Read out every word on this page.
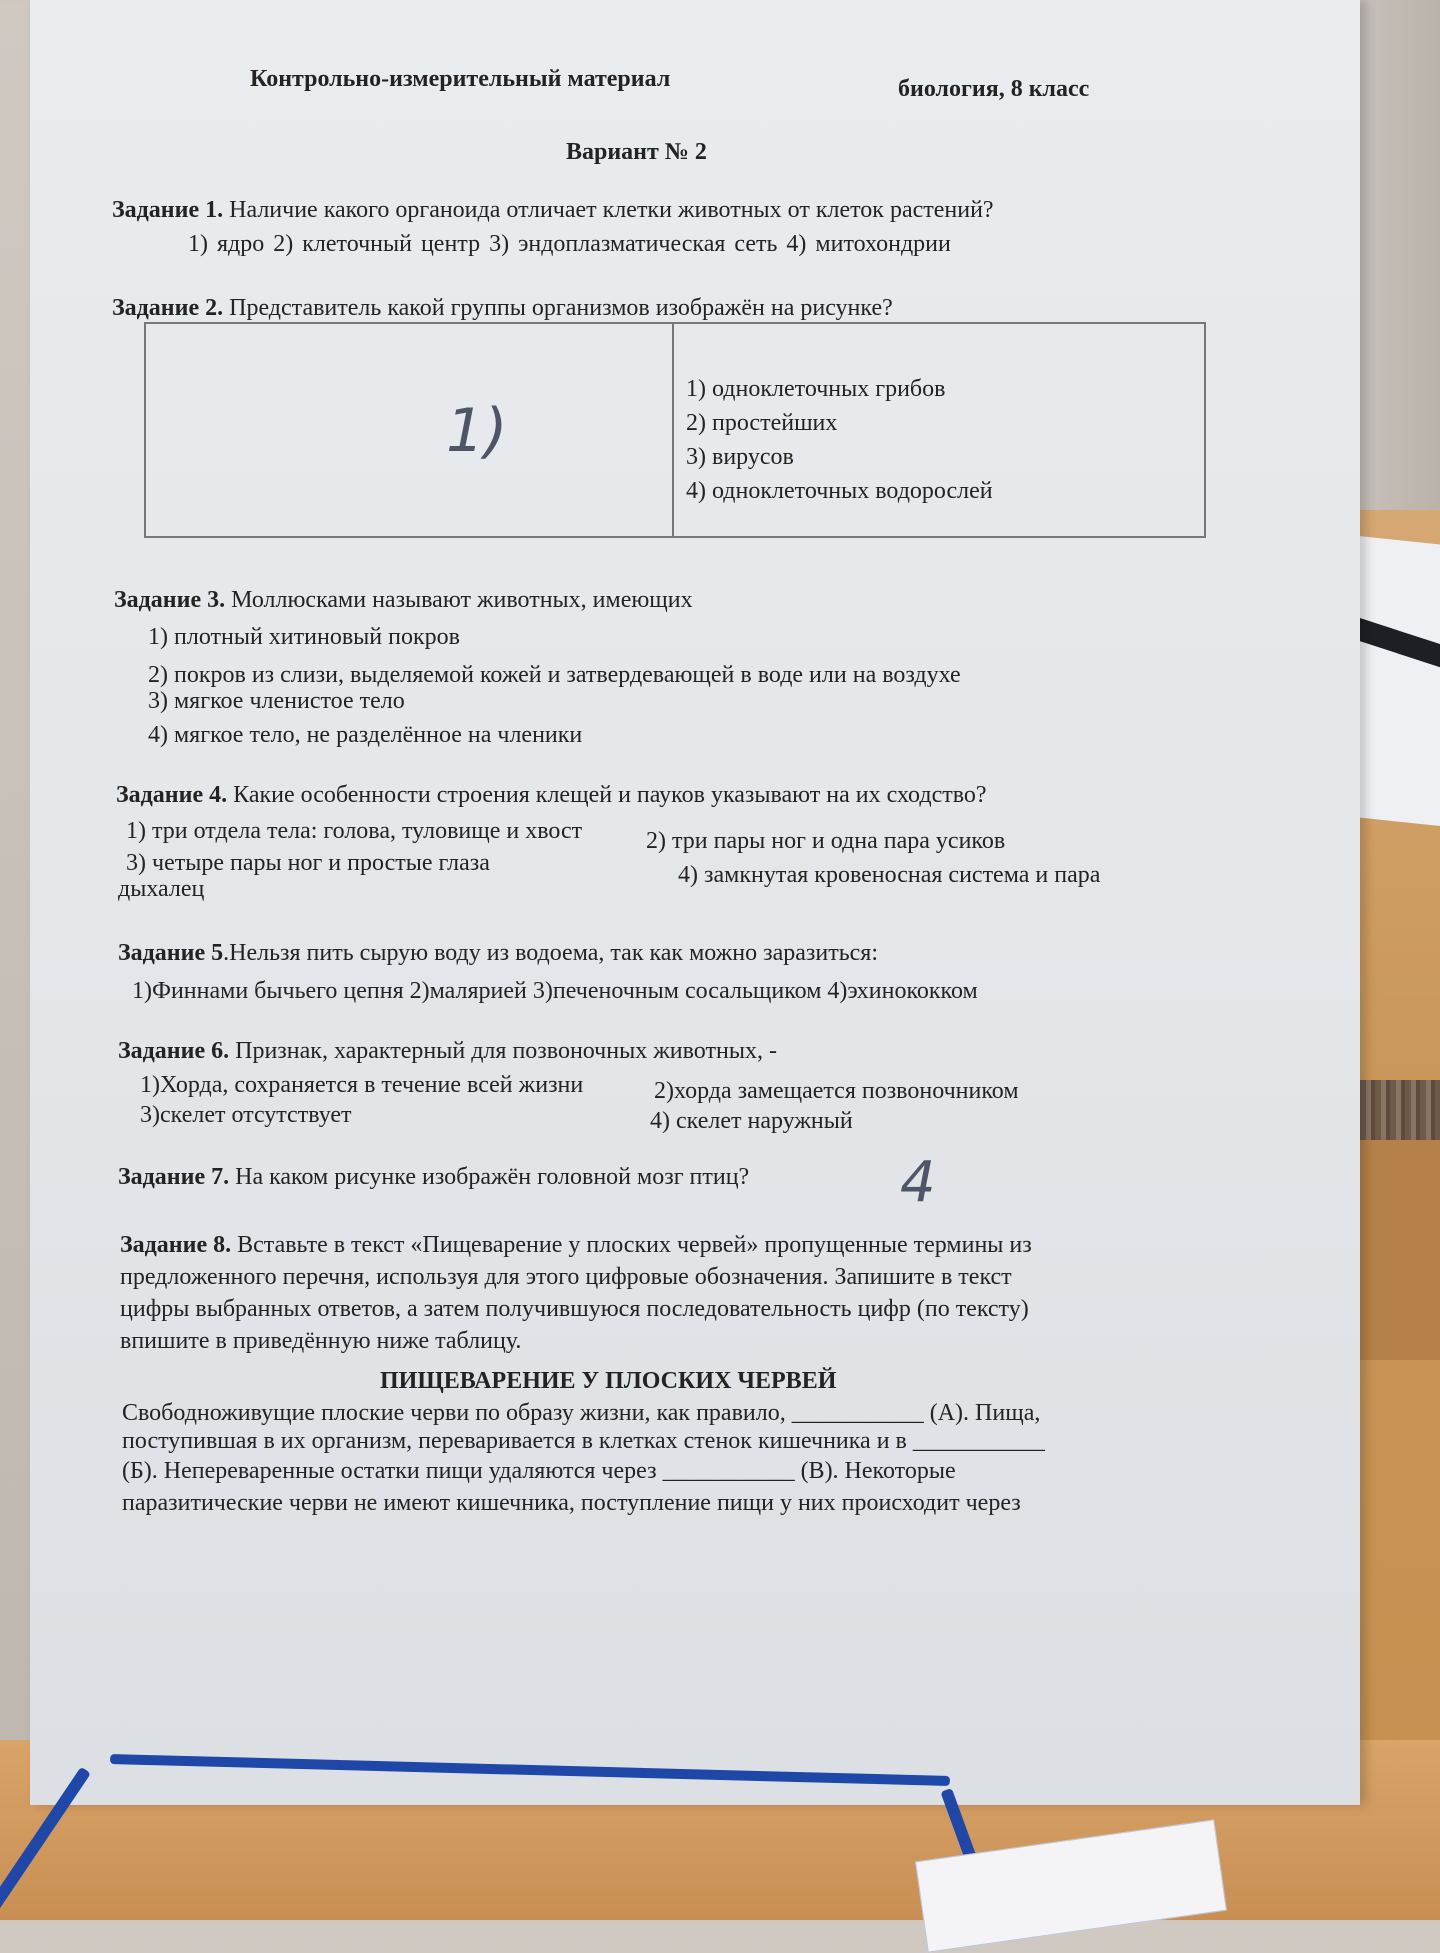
Контрольно-измерительный материал	биология, 8 класс
Вариант № 2
Задание 1. Наличие какого органоида отличает клетки животных от клеток растений?
1) ядро 2) клеточный центр 3) эндоплазматическая сеть 4) митохондрии
Задание 2. Представитель какой группы организмов изображён на рисунке?
1)
1) одноклеточных грибов
2) простейших
3) вирусов
4) одноклеточных водорослей
Задание 3. Моллюсками называют животных, имеющих
1) плотный хитиновый покров
2) покров из слизи, выделяемой кожей и затвердевающей в воде или на воздухе
3) мягкое членистое тело
4) мягкое тело, не разделённое на членики
Задание 4. Какие особенности строения клещей и пауков указывают на их сходство?
1) три отдела тела: голова, туловище и хвост	2) три пары ног и одна пара усиков
3) четыре пары ног и простые глаза	4) замкнутая кровеносная система и пара
дыхалец
Задание 5.Нельзя пить сырую воду из водоема, так как можно заразиться:
1)Финнами бычьего цепня 2)малярией 3)печеночным сосальщиком 4)эхинококком
Задание 6. Признак, характерный для позвоночных животных, -
1)Хорда, сохраняется в течение всей жизни	2)хорда замещается позвоночником
3)скелет отсутствует	4) скелет наружный
Задание 7. На каком рисунке изображён головной мозг птиц?	4
Задание 8. Вставьте в текст «Пищеварение у плоских червей» пропущенные термины из
предложенного перечня, используя для этого цифровые обозначения. Запишите в текст
цифры выбранных ответов, а затем получившуюся последовательность цифр (по тексту)
впишите в приведённую ниже таблицу.
ПИЩЕВАРЕНИЕ У ПЛОСКИХ ЧЕРВЕЙ
Свободноживущие плоские черви по образу жизни, как правило, ___________ (А). Пища,
поступившая в их организм, переваривается в клетках стенок кишечника и в ___________
(Б). Непереваренные остатки пищи удаляются через ___________ (В). Некоторые
паразитические черви не имеют кишечника, поступление пищи у них происходит через
